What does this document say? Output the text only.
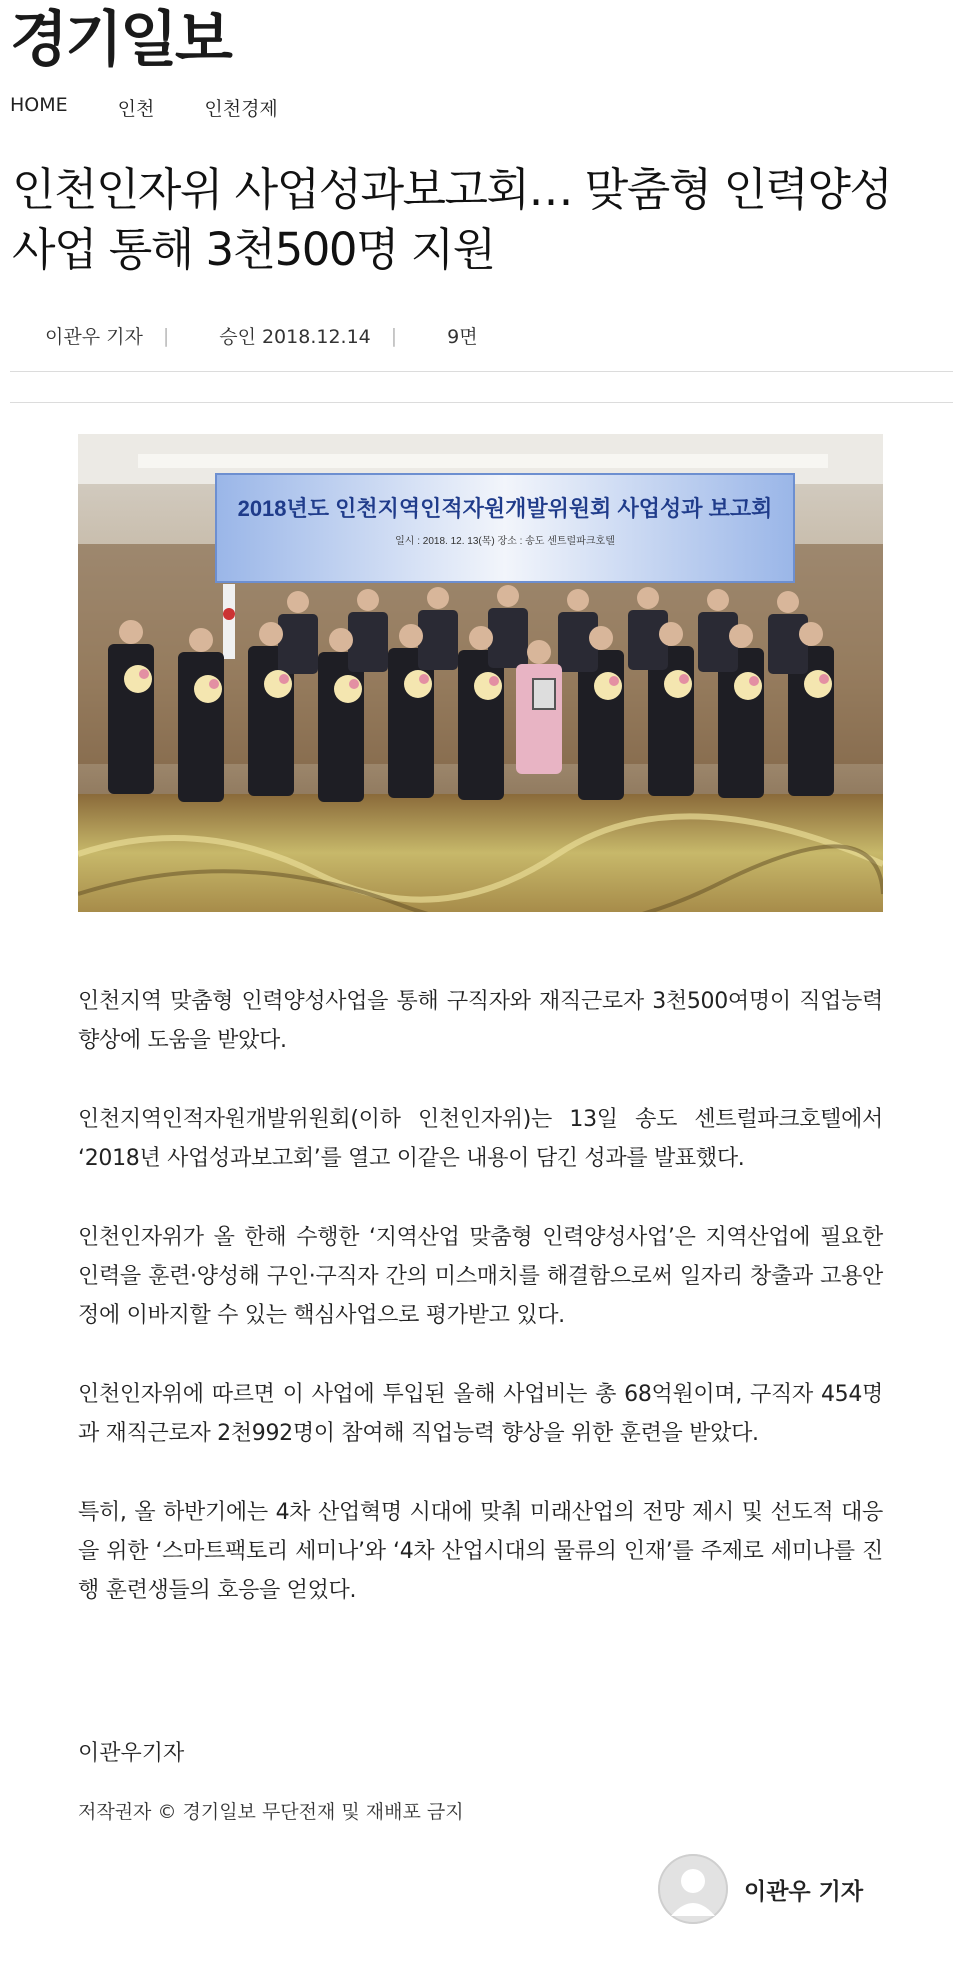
경기일보
HOME	인천	인천경제
인천인자위 사업성과보고회… 맞춤형 인력양성
사업 통해 3천500명 지원
이관우 기자 |	승인 2018.12.14 |	9면
2018년도 인천지역인적자원개발위원회 사업성과 보고회
일시 : 2018. 12. 13(목) 장소 : 송도 센트럴파크호텔

인천지역 맞춤형 인력양성사업을 통해 구직자와 재직근로자 3천500여명이 직업능력 향상에 도움을 받았다.

인천지역인적자원개발위원회(이하 인천인자위)는 13일 송도 센트럴파크호텔에서 ‘2018년 사업성과보고회’를 열고 이같은 내용이 담긴 성과를 발표했다.

인천인자위가 올 한해 수행한 ‘지역산업 맞춤형 인력양성사업’은 지역산업에 필요한 인력을 훈련·양성해 구인·구직자 간의 미스매치를 해결함으로써 일자리 창출과 고용안정에 이바지할 수 있는 핵심사업으로 평가받고 있다.

인천인자위에 따르면 이 사업에 투입된 올해 사업비는 총 68억원이며, 구직자 454명과 재직근로자 2천992명이 참여해 직업능력 향상을 위한 훈련을 받았다.

특히, 올 하반기에는 4차 산업혁명 시대에 맞춰 미래산업의 전망 제시 및 선도적 대응을 위한 ‘스마트팩토리 세미나’와 ‘4차 산업시대의 물류의 인재’를 주제로 세미나를 진행 훈련생들의 호응을 얻었다.

이관우기자
저작권자 © 경기일보 무단전재 및 재배포 금지
이관우 기자
